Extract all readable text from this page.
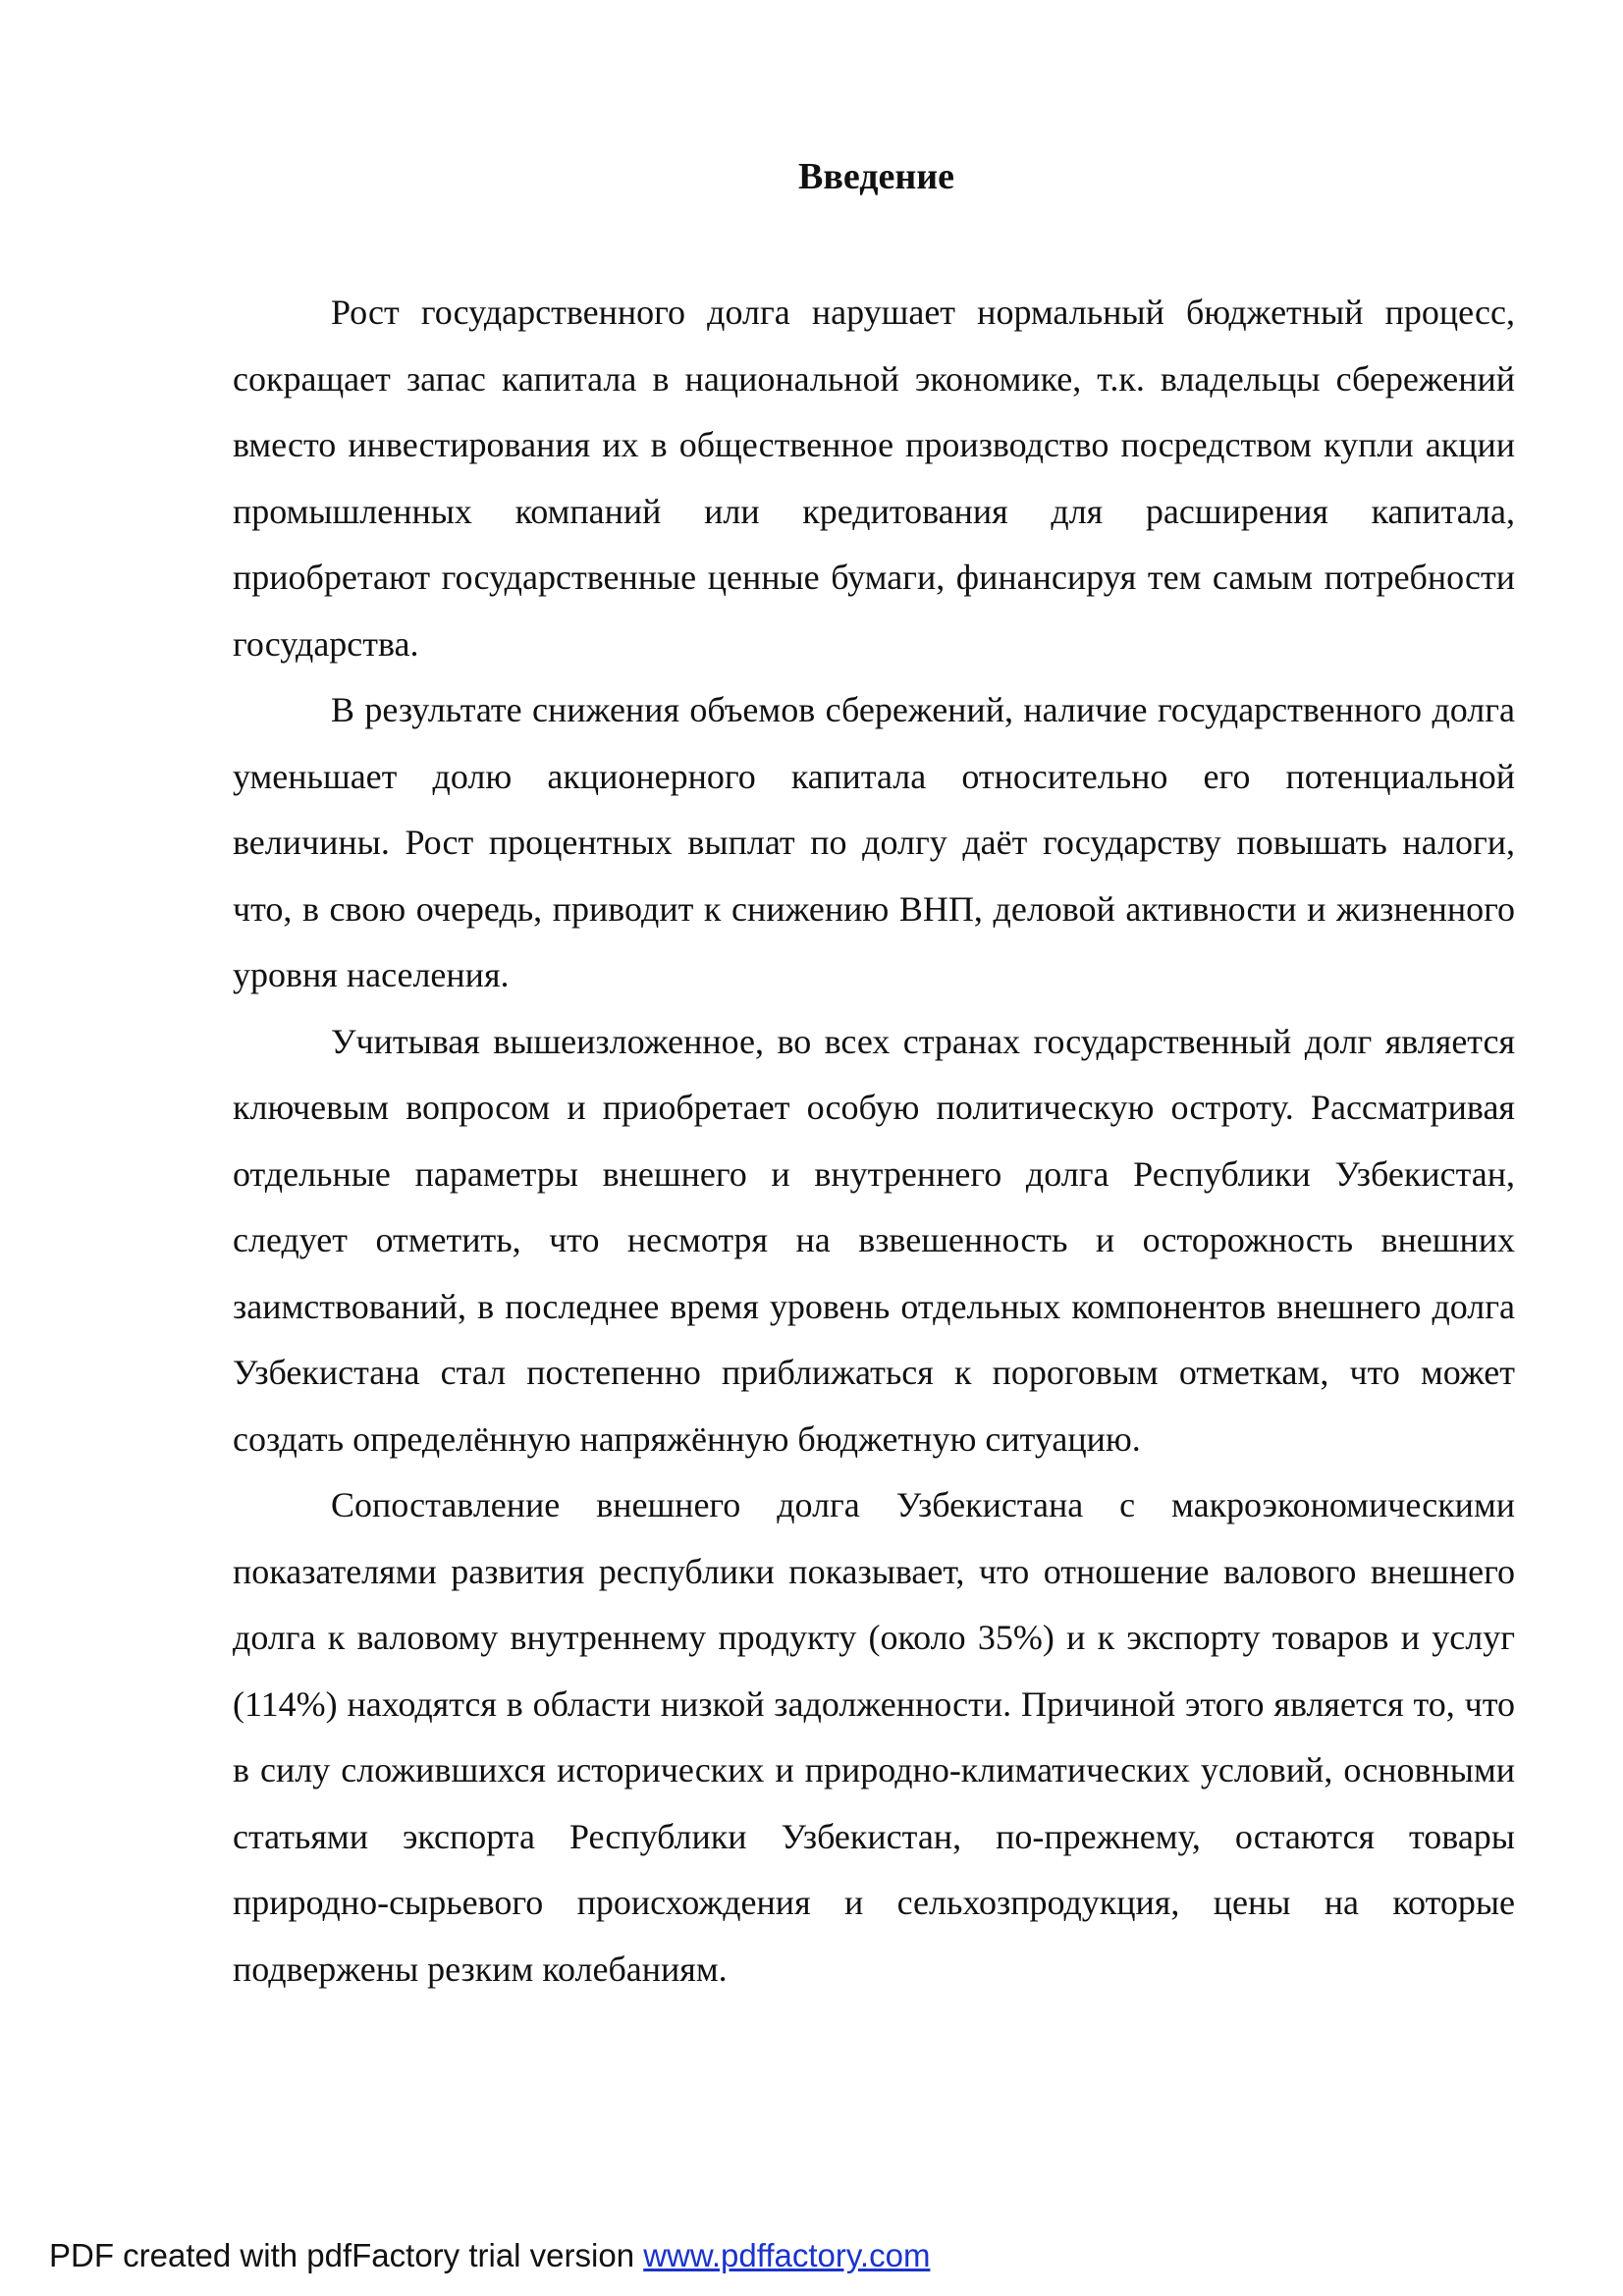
Введение

Рост государственного долга нарушает нормальный бюджетный процесс, сокращает запас капитала в национальной экономике, т.к. владельцы сбережений вместо инвестирования их в общественное производство посредством купли акции промышленных компаний или кредитования для расширения капитала, приобретают государственные ценные бумаги, финансируя тем самым потребности государства.

В результате снижения объемов сбережений, наличие государственного долга уменьшает долю акционерного капитала относительно его потенциальной величины. Рост процентных выплат по долгу даёт государству повышать налоги, что, в свою очередь, приводит к снижению ВНП, деловой активности и жизненного уровня населения.

Учитывая вышеизложенное, во всех странах государственный долг является ключевым вопросом и приобретает особую политическую остроту. Рассматривая отдельные параметры внешнего и внутреннего долга Республики Узбекистан, следует отметить, что несмотря на взвешенность и осторожность внешних заимствований, в последнее время уровень отдельных компонентов внешнего долга Узбекистана стал постепенно приближаться к пороговым отметкам, что может создать определённую напряжённую бюджетную ситуацию.

Сопоставление внешнего долга Узбекистана с макроэкономическими показателями развития республики показывает, что отношение валового внешнего долга к валовому внутреннему продукту (около 35%) и к экспорту товаров и услуг (114%) находятся в области низкой задолженности. Причиной этого является то, что в силу сложившихся исторических и природно-климатических условий, основными статьями экспорта Республики Узбекистан, по-прежнему, остаются товары природно-сырьевого происхождения и сельхозпродукция, цены на которые подвержены резким колебаниям.

PDF created with pdfFactory trial version www.pdffactory.com
